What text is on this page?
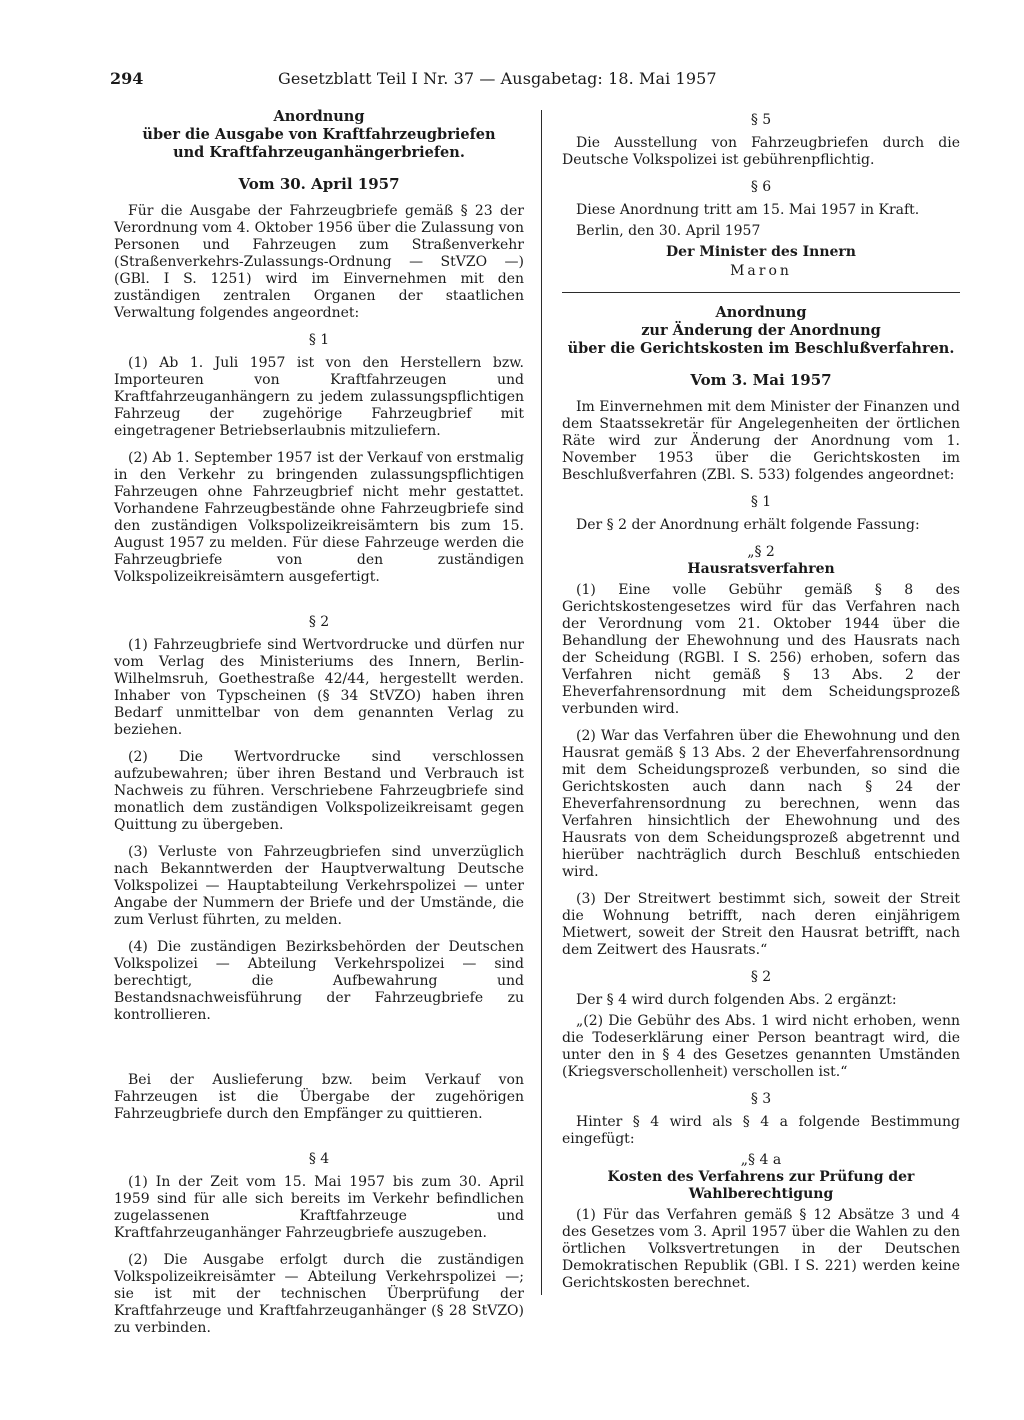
294	Gesetzblatt Teil I Nr. 37 — Ausgabetag: 18. Mai 1957
Anordnung
über die Ausgabe von Kraftfahrzeugbriefen
und Kraftfahrzeuganhängerbriefen.
Vom 30. April 1957

Für die Ausgabe der Fahrzeugbriefe gemäß § 23 der Verordnung vom 4. Oktober 1956 über die Zulassung von Personen und Fahrzeugen zum Straßenverkehr (Straßenverkehrs-Zulassungs-Ordnung — StVZO —) (GBl. I S. 1251) wird im Einvernehmen mit den zuständigen zentralen Organen der staatlichen Verwaltung folgendes angeordnet:

§ 1

(1) Ab 1. Juli 1957 ist von den Herstellern bzw. Importeuren von Kraftfahrzeugen und Kraftfahrzeuganhängern zu jedem zulassungspflichtigen Fahrzeug der zugehörige Fahrzeugbrief mit eingetragener Betriebserlaubnis mitzuliefern.

(2) Ab 1. September 1957 ist der Verkauf von erstmalig in den Verkehr zu bringenden zulassungspflichtigen Fahrzeugen ohne Fahrzeugbrief nicht mehr gestattet. Vorhandene Fahrzeugbestände ohne Fahrzeugbriefe sind den zuständigen Volkspolizeikreisämtern bis zum 15. August 1957 zu melden. Für diese Fahrzeuge werden die Fahrzeugbriefe von den zuständigen Volkspolizeikreisämtern ausgefertigt.

§ 2

(1) Fahrzeugbriefe sind Wertvordrucke und dürfen nur vom Verlag des Ministeriums des Innern, Berlin-Wilhelmsruh, Goethestraße 42/44, hergestellt werden. Inhaber von Typscheinen (§ 34 StVZO) haben ihren Bedarf unmittelbar von dem genannten Verlag zu beziehen.

(2) Die Wertvordrucke sind verschlossen aufzubewahren; über ihren Bestand und Verbrauch ist Nachweis zu führen. Verschriebene Fahrzeugbriefe sind monatlich dem zuständigen Volkspolizeikreisamt gegen Quittung zu übergeben.

(3) Verluste von Fahrzeugbriefen sind unverzüglich nach Bekanntwerden der Hauptverwaltung Deutsche Volkspolizei — Hauptabteilung Verkehrspolizei — unter Angabe der Nummern der Briefe und der Umstände, die zum Verlust führten, zu melden.

(4) Die zuständigen Bezirksbehörden der Deutschen Volkspolizei — Abteilung Verkehrspolizei — sind berechtigt, die Aufbewahrung und Bestandsnachweisführung der Fahrzeugbriefe zu kontrollieren.

Bei der Auslieferung bzw. beim Verkauf von Fahrzeugen ist die Übergabe der zugehörigen Fahrzeugbriefe durch den Empfänger zu quittieren.

§ 4

(1) In der Zeit vom 15. Mai 1957 bis zum 30. April 1959 sind für alle sich bereits im Verkehr befindlichen zugelassenen Kraftfahrzeuge und Kraftfahrzeuganhänger Fahrzeugbriefe auszugeben.

(2) Die Ausgabe erfolgt durch die zuständigen Volkspolizeikreisämter — Abteilung Verkehrspolizei —; sie ist mit der technischen Überprüfung der Kraftfahrzeuge und Kraftfahrzeuganhänger (§ 28 StVZO) zu verbinden.

§ 5

Die Ausstellung von Fahrzeugbriefen durch die Deutsche Volkspolizei ist gebührenpflichtig.

§ 6

Diese Anordnung tritt am 15. Mai 1957 in Kraft.

Berlin, den 30. April 1957

Der Minister des Innern
Maron
Anordnung
zur Änderung der Anordnung
über die Gerichtskosten im Beschlußverfahren.
Vom 3. Mai 1957

Im Einvernehmen mit dem Minister der Finanzen und dem Staatssekretär für Angelegenheiten der örtlichen Räte wird zur Änderung der Anordnung vom 1. November 1953 über die Gerichtskosten im Beschlußverfahren (ZBl. S. 533) folgendes angeordnet:

§ 1

Der § 2 der Anordnung erhält folgende Fassung:

„§ 2
Hausratsverfahren

(1) Eine volle Gebühr gemäß § 8 des Gerichtskostengesetzes wird für das Verfahren nach der Verordnung vom 21. Oktober 1944 über die Behandlung der Ehewohnung und des Hausrats nach der Scheidung (RGBl. I S. 256) erhoben, sofern das Verfahren nicht gemäß § 13 Abs. 2 der Eheverfahrensordnung mit dem Scheidungsprozeß verbunden wird.

(2) War das Verfahren über die Ehewohnung und den Hausrat gemäß § 13 Abs. 2 der Eheverfahrensordnung mit dem Scheidungsprozeß verbunden, so sind die Gerichtskosten auch dann nach § 24 der Eheverfahrensordnung zu berechnen, wenn das Verfahren hinsichtlich der Ehewohnung und des Hausrats von dem Scheidungsprozeß abgetrennt und hierüber nachträglich durch Beschluß entschieden wird.

(3) Der Streitwert bestimmt sich, soweit der Streit die Wohnung betrifft, nach deren einjährigem Mietwert, soweit der Streit den Hausrat betrifft, nach dem Zeitwert des Hausrats.“

§ 2

Der § 4 wird durch folgenden Abs. 2 ergänzt:

„(2) Die Gebühr des Abs. 1 wird nicht erhoben, wenn die Todeserklärung einer Person beantragt wird, die unter den in § 4 des Gesetzes genannten Umständen (Kriegsverschollenheit) verschollen ist.“

§ 3

Hinter § 4 wird als § 4 a folgende Bestimmung eingefügt:

„§ 4 a
Kosten des Verfahrens zur Prüfung der Wahlberechtigung

(1) Für das Verfahren gemäß § 12 Absätze 3 und 4 des Gesetzes vom 3. April 1957 über die Wahlen zu den örtlichen Volksvertretungen in der Deutschen Demokratischen Republik (GBl. I S. 221) werden keine Gerichtskosten berechnet.
